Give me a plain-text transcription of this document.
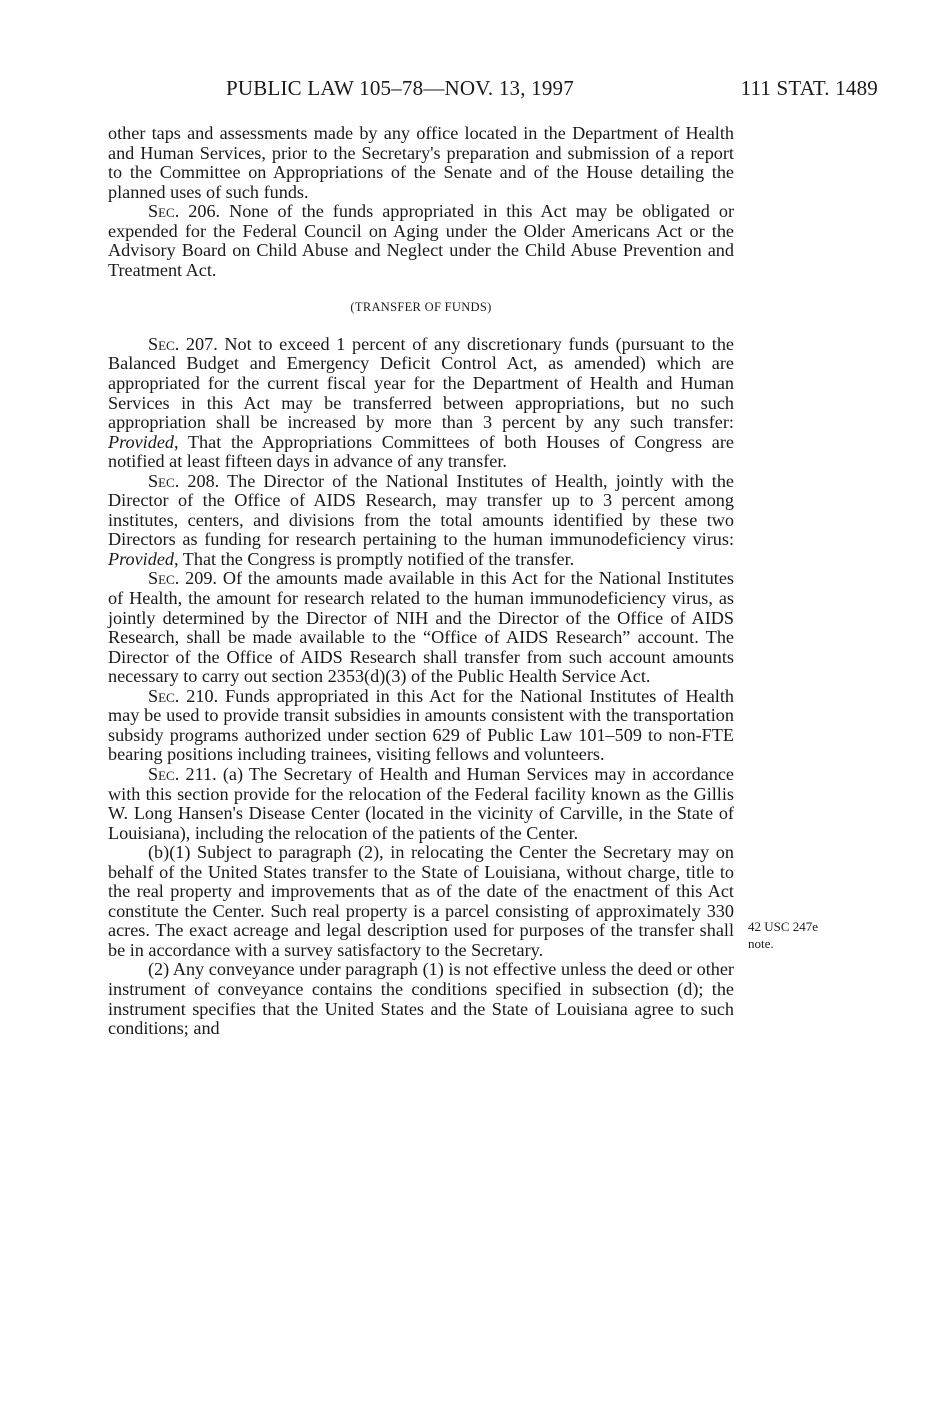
PUBLIC LAW 105–78—NOV. 13, 1997	111 STAT. 1489

other taps and assessments made by any office located in the Department of Health and Human Services, prior to the Secretary's preparation and submission of a report to the Committee on Appropriations of the Senate and of the House detailing the planned uses of such funds.

Sec. 206. None of the funds appropriated in this Act may be obligated or expended for the Federal Council on Aging under the Older Americans Act or the Advisory Board on Child Abuse and Neglect under the Child Abuse Prevention and Treatment Act.

(TRANSFER OF FUNDS)

Sec. 207. Not to exceed 1 percent of any discretionary funds (pursuant to the Balanced Budget and Emergency Deficit Control Act, as amended) which are appropriated for the current fiscal year for the Department of Health and Human Services in this Act may be transferred between appropriations, but no such appropriation shall be increased by more than 3 percent by any such transfer: Provided, That the Appropriations Committees of both Houses of Congress are notified at least fifteen days in advance of any transfer.

Sec. 208. The Director of the National Institutes of Health, jointly with the Director of the Office of AIDS Research, may transfer up to 3 percent among institutes, centers, and divisions from the total amounts identified by these two Directors as funding for research pertaining to the human immunodeficiency virus: Provided, That the Congress is promptly notified of the transfer.

Sec. 209. Of the amounts made available in this Act for the National Institutes of Health, the amount for research related to the human immunodeficiency virus, as jointly determined by the Director of NIH and the Director of the Office of AIDS Research, shall be made available to the “Office of AIDS Research” account. The Director of the Office of AIDS Research shall transfer from such account amounts necessary to carry out section 2353(d)(3) of the Public Health Service Act.

Sec. 210. Funds appropriated in this Act for the National Institutes of Health may be used to provide transit subsidies in amounts consistent with the transportation subsidy programs authorized under section 629 of Public Law 101–509 to non-FTE bearing positions including trainees, visiting fellows and volunteers.

Sec. 211. (a) The Secretary of Health and Human Services may in accordance with this section provide for the relocation of the Federal facility known as the Gillis W. Long Hansen's Disease Center (located in the vicinity of Carville, in the State of Louisiana), including the relocation of the patients of the Center.

(b)(1) Subject to paragraph (2), in relocating the Center the Secretary may on behalf of the United States transfer to the State of Louisiana, without charge, title to the real property and improvements that as of the date of the enactment of this Act constitute the Center. Such real property is a parcel consisting of approximately 330 acres. The exact acreage and legal description used for purposes of the transfer shall be in accordance with a survey satisfactory to the Secretary.

(2) Any conveyance under paragraph (1) is not effective unless the deed or other instrument of conveyance contains the conditions specified in subsection (d); the instrument specifies that the United States and the State of Louisiana agree to such conditions; and

42 USC 247e
note.
